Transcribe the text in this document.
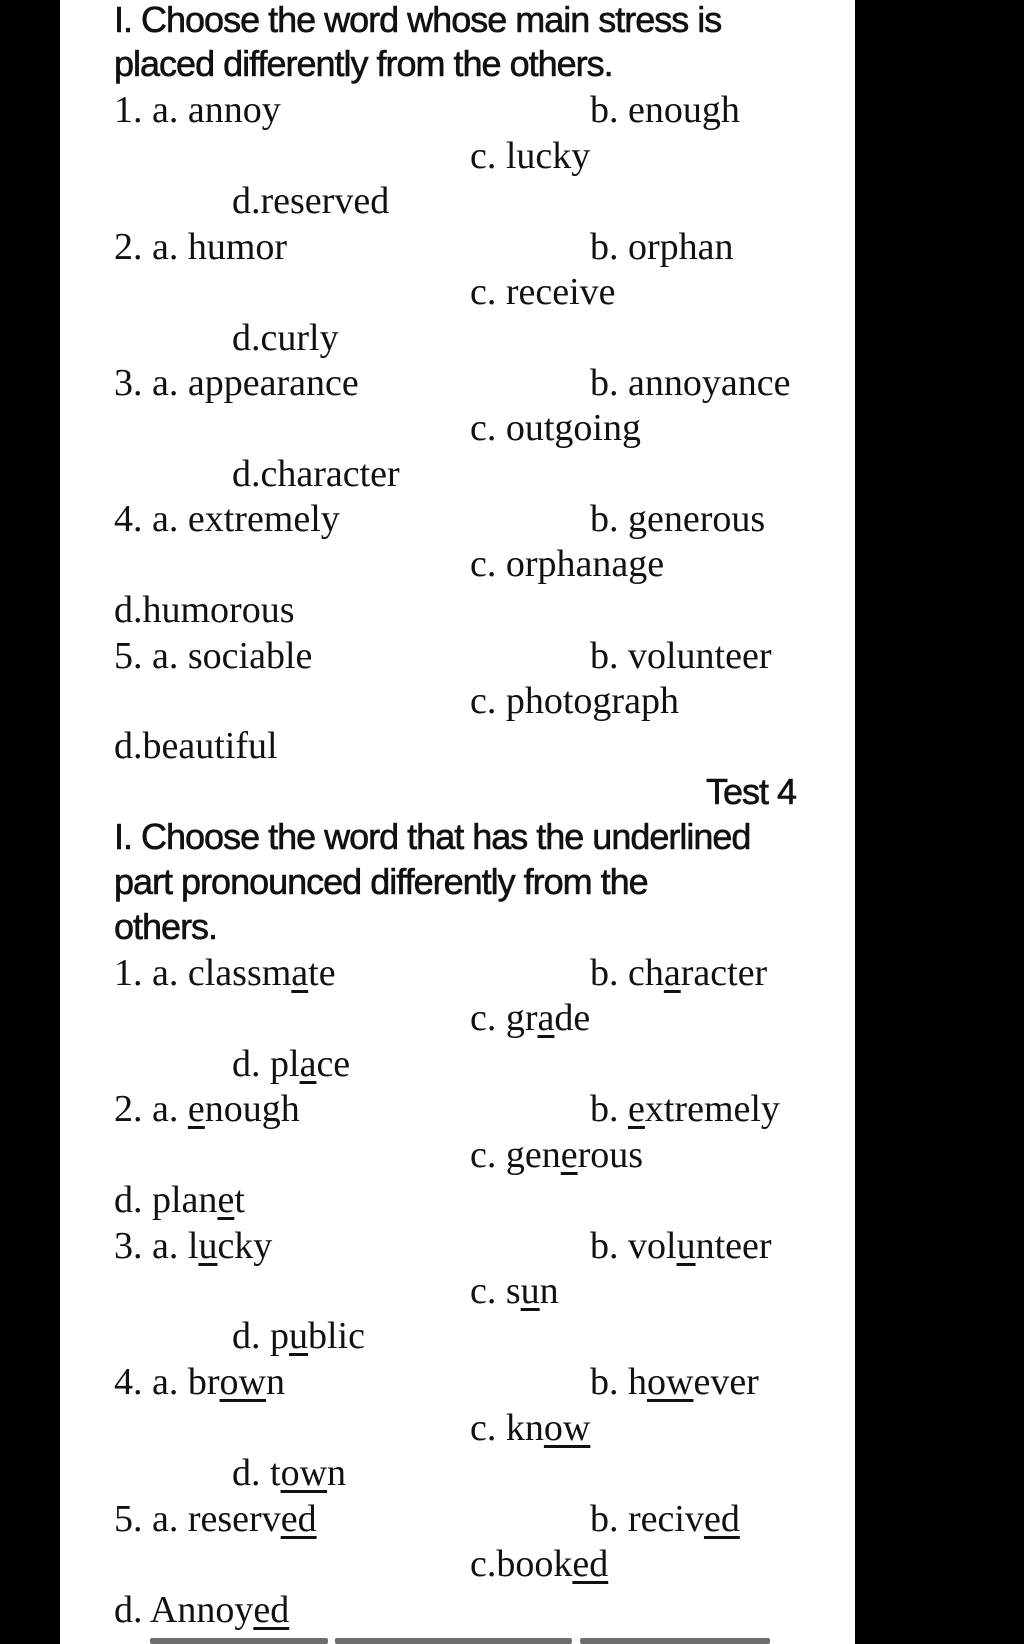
I. Choose the word whose main stress is
placed differently from the others.
1. a. annoy	b. enough
c. lucky
d.reserved
2. a. humor	b. orphan
c. receive
d.curly
3. a. appearance	b. annoyance
c. outgoing
d.character
4. a. extremely	b. generous
c. orphanage
d.humorous
5. a. sociable	b. volunteer
c. photograph
d.beautiful
Test 4
I. Choose the word that has the underlined
part pronounced differently from the
others.
1. a. classmate	b. character
c. grade
d. place
2. a. enough	b. extremely
c. generous
d. planet
3. a. lucky	b. volunteer
c. sun
d. public
4. a. brown	b. however
c. know
d. town
5. a. reserved	b. recived
c.booked
d. Annoyed
